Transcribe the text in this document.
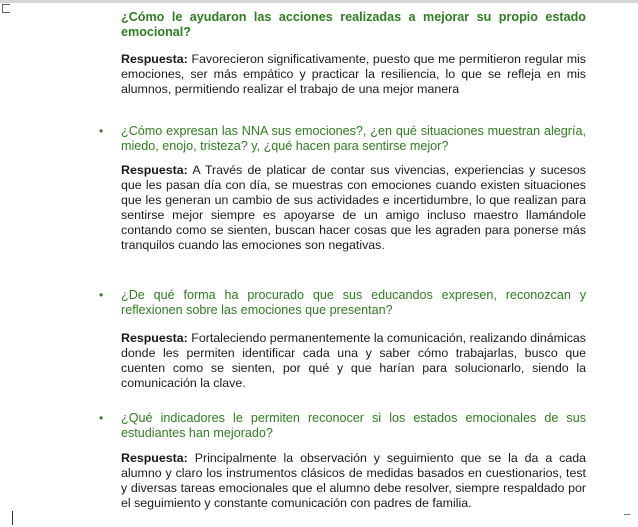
¿Cómo le ayudaron las acciones realizadas a mejorar su propio estado emocional?

Respuesta: Favorecieron significativamente, puesto que me permitieron regular mis emociones, ser más empático y practicar la resiliencia, lo que se refleja en mis alumnos, permitiendo realizar el trabajo de una mejor manera

• ¿Cómo expresan las NNA sus emociones?, ¿en qué situaciones muestran alegría, miedo, enojo, tristeza? y, ¿qué hacen para sentirse mejor?

Respuesta: A Través de platicar de contar sus vivencias, experiencias y sucesos que les pasan día con día, se muestras con emociones cuando existen situaciones que les generan un cambio de sus actividades e incertidumbre, lo que realizan para sentirse mejor siempre es apoyarse de un amigo incluso maestro llamándole contando como se sienten, buscan hacer cosas que les agraden para ponerse más tranquilos cuando las emociones son negativas.

• ¿De qué forma ha procurado que sus educandos expresen, reconozcan y reflexionen sobre las emociones que presentan?

Respuesta: Fortaleciendo permanentemente la comunicación, realizando dinámicas donde les permiten identificar cada una y saber cómo trabajarlas, busco que cuenten como se sienten, por qué y que harían para solucionarlo, siendo la comunicación la clave.

• ¿Qué indicadores le permiten reconocer si los estados emocionales de sus estudiantes han mejorado?

Respuesta: Principalmente la observación y seguimiento que se la da a cada alumno y claro los instrumentos clásicos de medidas basados en cuestionarios, test y diversas tareas emocionales que el alumno debe resolver, siempre respaldado por el seguimiento y constante comunicación con padres de familia.
